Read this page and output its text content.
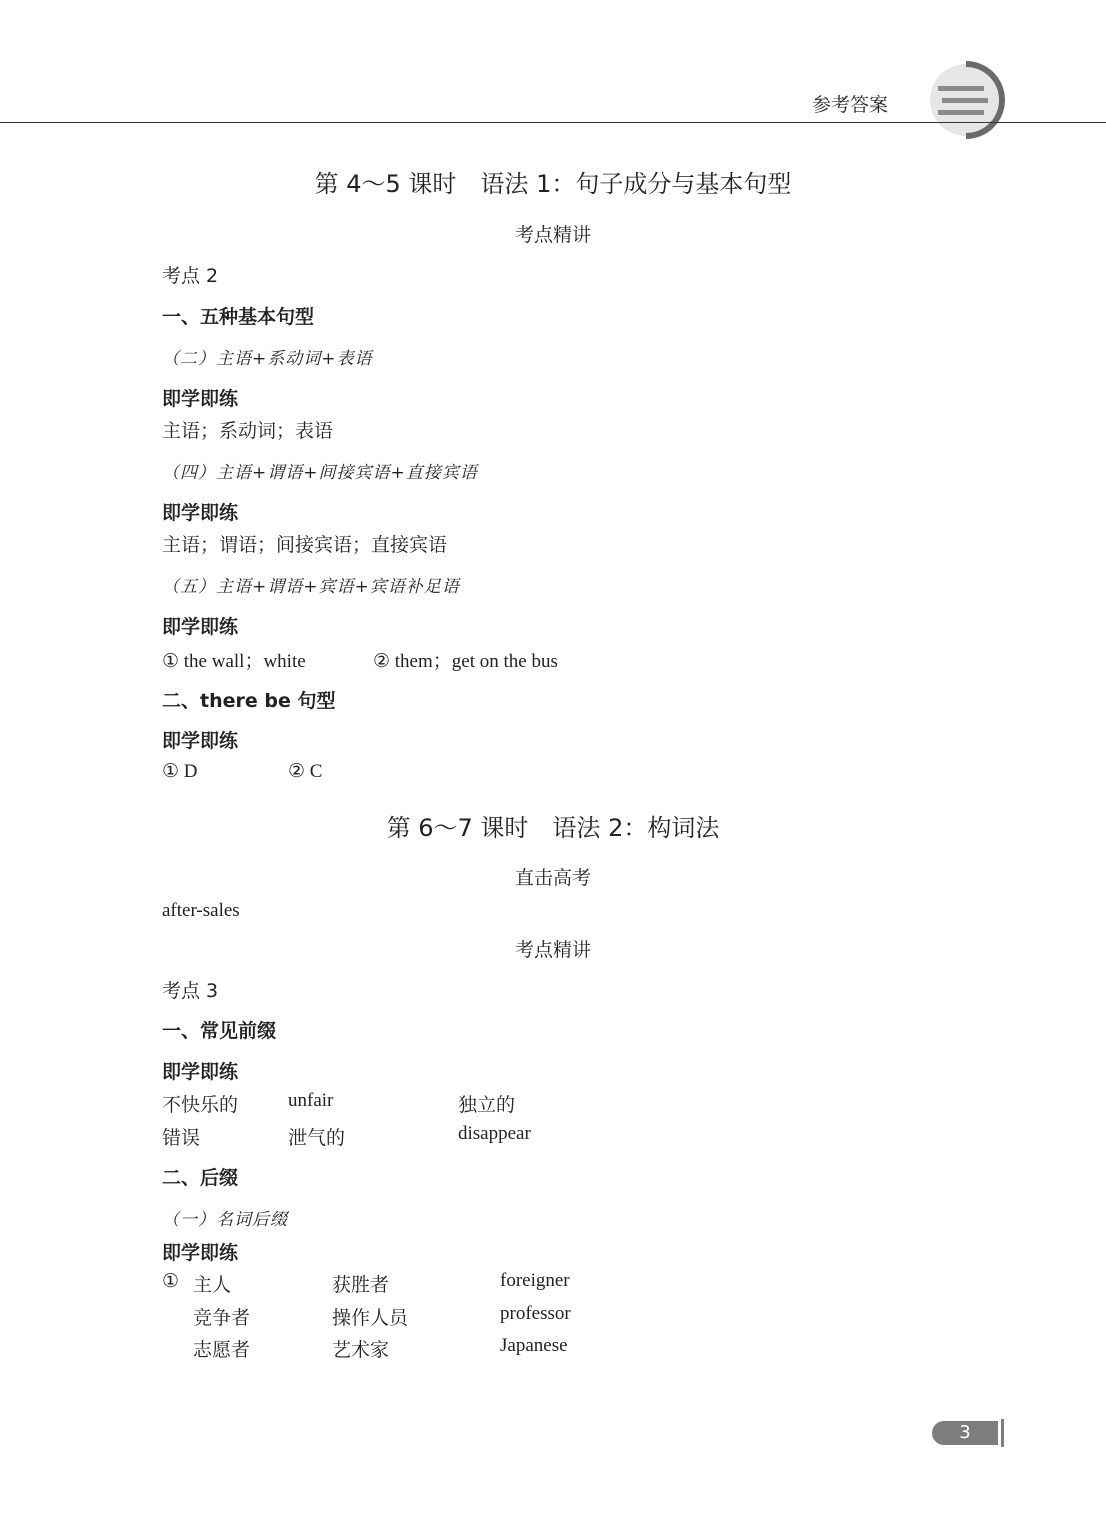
参考答案
第 4～5 课时　语法 1：句子成分与基本句型
考点精讲
考点 2
一、五种基本句型
（二）主语+系动词+表语
即学即练
主语；系动词；表语
（四）主语+谓语+间接宾语+直接宾语
即学即练
主语；谓语；间接宾语；直接宾语
（五）主语+谓语+宾语+宾语补足语
即学即练
① the wall；white	② them；get on the bus
二、there be 句型
即学即练
① D	② C
第 6～7 课时　语法 2：构词法
直击高考
after-sales
考点精讲
考点 3
一、常见前缀
即学即练
不快乐的	unfair	独立的
错误	泄气的	disappear
二、后缀
（一）名词后缀
即学即练
① 主人	获胜者	foreigner
竞争者	操作人员	professor
志愿者	艺术家	Japanese
3
